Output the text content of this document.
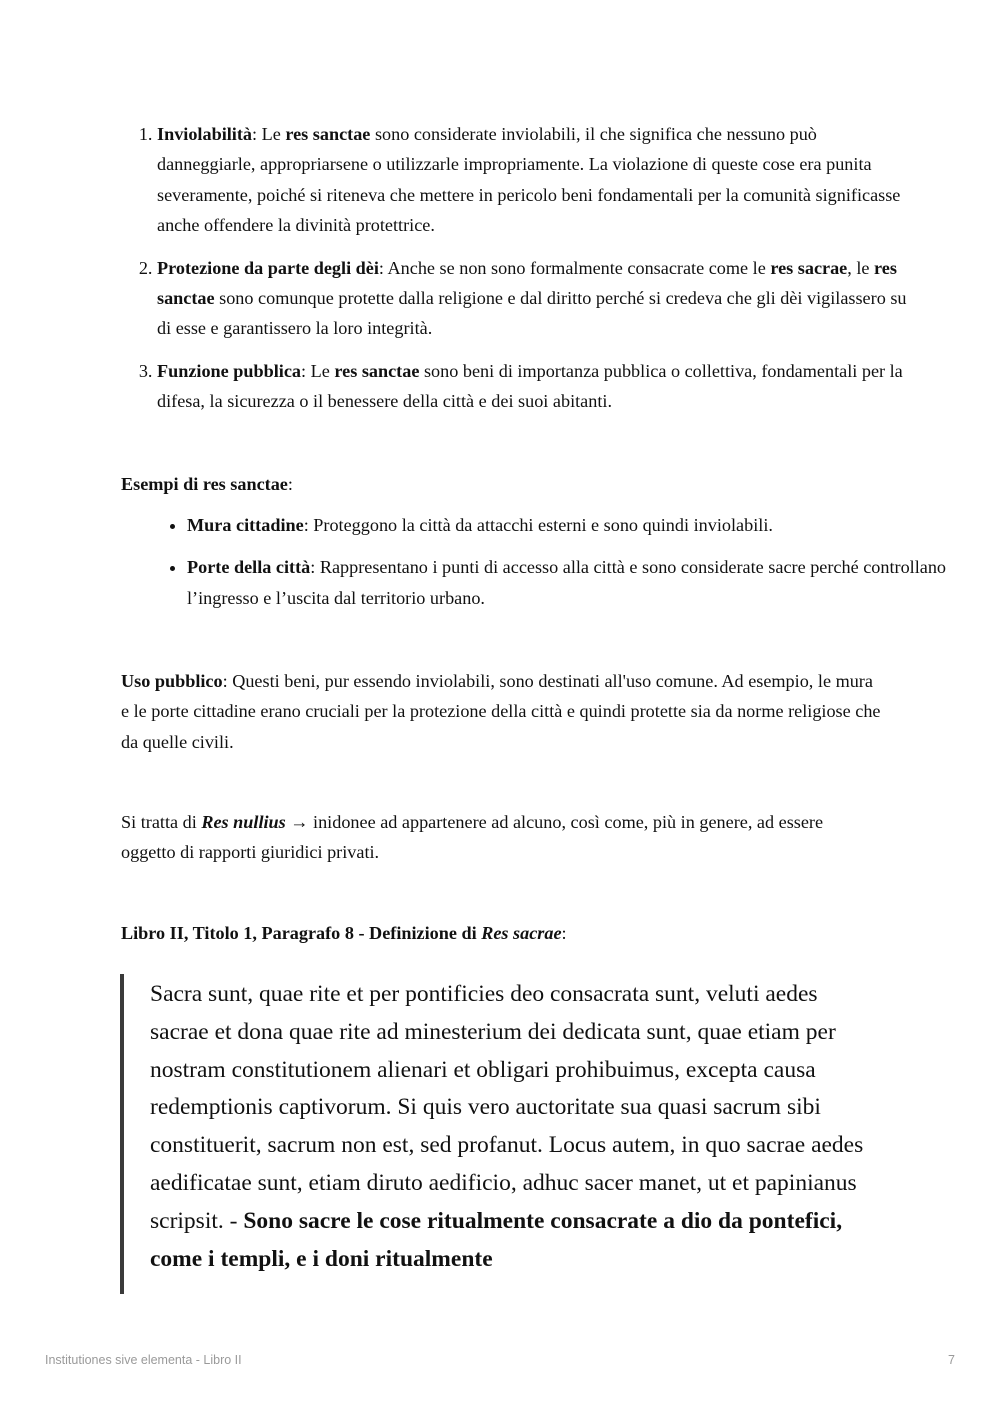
1. Inviolabilità: Le res sanctae sono considerate inviolabili, il che significa che nessuno può danneggiarle, appropriarsene o utilizzarle impropriamente. La violazione di queste cose era punita severamente, poiché si riteneva che mettere in pericolo beni fondamentali per la comunità significasse anche offendere la divinità protettrice.
2. Protezione da parte degli dèi: Anche se non sono formalmente consacrate come le res sacrae, le res sanctae sono comunque protette dalla religione e dal diritto perché si credeva che gli dèi vigilassero su di esse e garantissero la loro integrità.
3. Funzione pubblica: Le res sanctae sono beni di importanza pubblica o collettiva, fondamentali per la difesa, la sicurezza o il benessere della città e dei suoi abitanti.

Esempi di res sanctae:

• Mura cittadine: Proteggono la città da attacchi esterni e sono quindi inviolabili.
• Porte della città: Rappresentano i punti di accesso alla città e sono considerate sacre perché controllano l’ingresso e l’uscita dal territorio urbano.

Uso pubblico: Questi beni, pur essendo inviolabili, sono destinati all'uso comune. Ad esempio, le mura e le porte cittadine erano cruciali per la protezione della città e quindi protette sia da norme religiose che da quelle civili.

Si tratta di Res nullius → inidonee ad appartenere ad alcuno, così come, più in genere, ad essere oggetto di rapporti giuridici privati.

Libro II, Titolo 1, Paragrafo 8 - Definizione di Res sacrae:

Sacra sunt, quae rite et per pontificies deo consacrata sunt, veluti aedes sacrae et dona quae rite ad minesterium dei dedicata sunt, quae etiam per nostram constitutionem alienari et obligari prohibuimus, excepta causa redemptionis captivorum. Si quis vero auctoritate sua quasi sacrum sibi constituerit, sacrum non est, sed profanut. Locus autem, in quo sacrae aedes aedificatae sunt, etiam diruto aedificio, adhuc sacer manet, ut et papinianus scripsit. - Sono sacre le cose ritualmente consacrate a dio da pontefici, come i templi, e i doni ritualmente
Institutiones sive elementa - Libro II	7
